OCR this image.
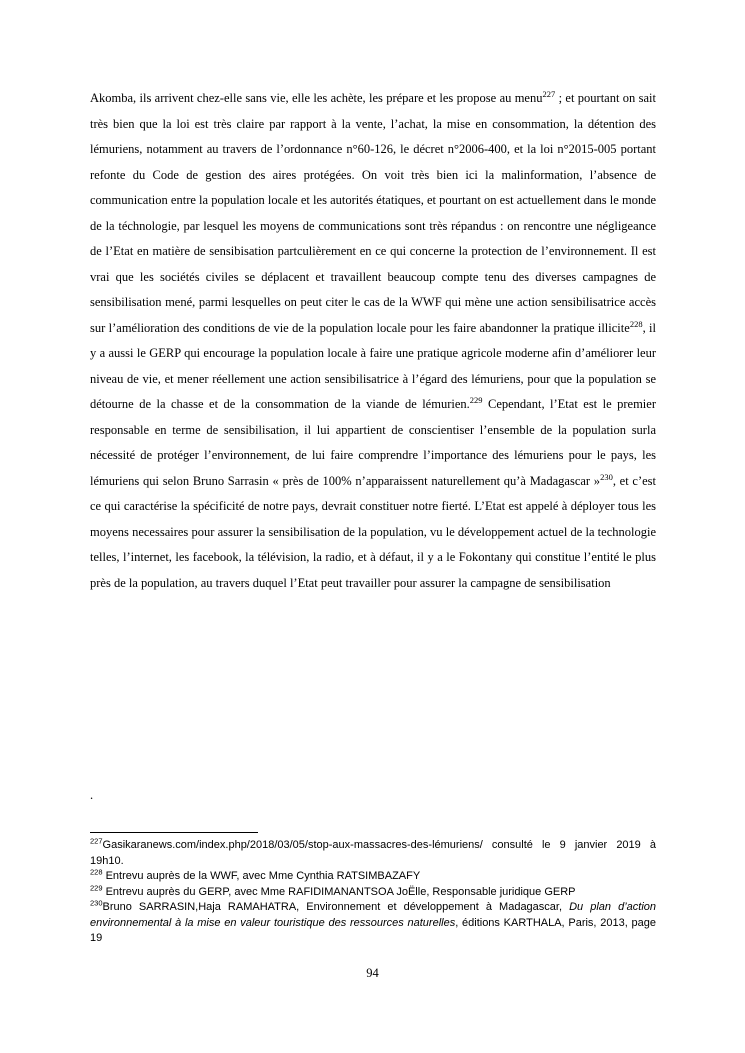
Akomba, ils arrivent chez-elle sans vie, elle les achète, les prépare et les propose au menu$^{227}$ ; et pourtant on sait très bien que la loi est très claire par rapport à la vente, l’achat, la mise en consommation, la détention des lémuriens, notamment au travers de l’ordonnance n°60-126, le décret n°2006-400, et la loi n°2015-005 portant refonte du Code de gestion des aires protégées. On voit très bien ici la malinformation, l’absence de communication entre la population locale et les autorités étatiques, et pourtant on est actuellement dans le monde de la téchnologie, par lesquel les moyens de communications sont très répandus : on rencontre une négligeance de l’Etat en matière de sensibisation partculièrement en ce qui concerne la protection de l’environnement. Il est vrai que les sociétés civiles se déplacent et travaillent beaucoup compte tenu des diverses campagnes de sensibilisation mené, parmi lesquelles on peut citer le cas de la WWF qui mène une action sensibilisatrice accès sur l’amélioration des conditions de vie de la population locale pour les faire abandonner la pratique illicite$^{228}$, il y a aussi le GERP qui encourage la population locale à faire une pratique agricole moderne afin d’améliorer leur niveau de vie, et mener réellement une action sensibilisatrice à l’égard des lémuriens, pour que la population se détourne de la chasse et de la consommation de la viande de lémurien.$^{229}$ Cependant, l’Etat est le premier responsable en terme de sensibilisation, il lui appartient de conscientiser l’ensemble de la population surla nécessité de protéger l’environnement, de lui faire comprendre l’importance des lémuriens pour le pays, les lémuriens qui selon Bruno Sarrasin « près de 100% n’apparaissent naturellement qu’à Madagascar »$^{230}$, et c’est ce qui caractérise la spécificité de notre pays, devrait constituer notre fierté. L’Etat est appelé à déployer tous les moyens necessaires pour assurer la sensibilisation de la population, vu le développement actuel de la technologie telles, l’internet, les facebook, la télévision, la radio, et à défaut, il y a le Fokontany qui constitue l’entité le plus près de la population, au travers duquel l’Etat peut travailler pour assurer la campagne de sensibilisation

.

$^{227}$Gasikaranews.com/index.php/2018/03/05/stop-aux-massacres-des-lémuriens/ consulté le 9 janvier 2019 à 19h10.

$^{228}$ Entrevu auprès de la WWF, avec Mme Cynthia RATSIMBAZAFY

$^{229}$ Entrevu auprès du GERP, avec Mme RAFIDIMANANTSOA JoËlle, Responsable juridique GERP

$^{230}$Bruno SARRASIN,Haja RAMAHATRA, Environnement et développement à Madagascar, Du plan d’action environnemental à la mise en valeur touristique des ressources naturelles, éditions KARTHALA, Paris, 2013, page 19

94
